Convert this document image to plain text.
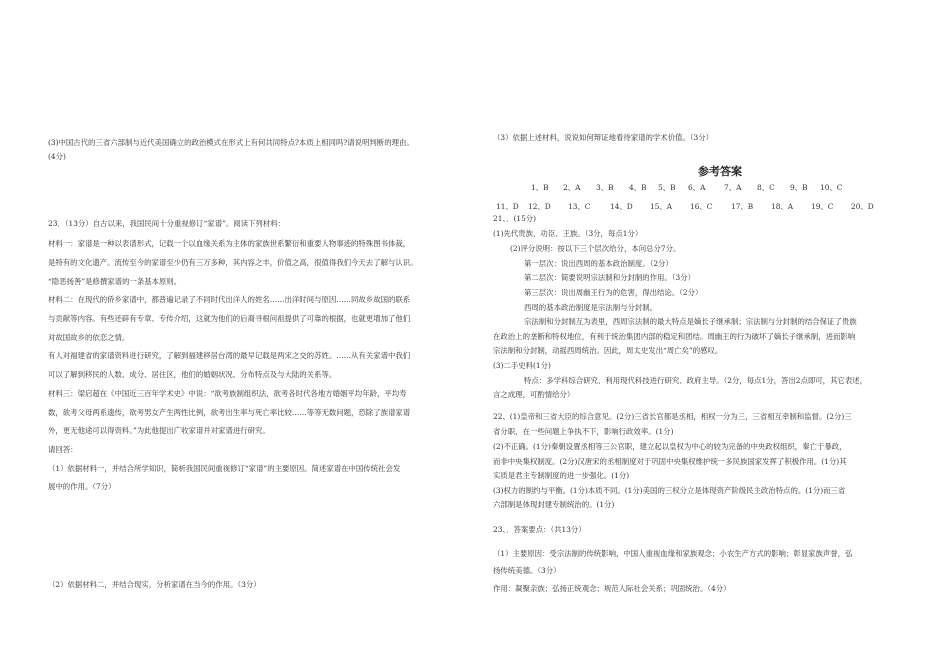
(3)中国古代的三省六部制与近代美国确立的政治模式在形式上有何共同特点?本质上相同吗?请说明判断的理由。
(4分)
23．（13分）自古以来，我国民间十分重视修订“家谱”。阅读下列材料：
材料一：家谱是一种以表谱形式，记载一个以血缘关系为主体的家族世系繁衍和重要人物事迹的特殊图书体裁，
是特有的文化遗产。流传至今的家谱至少仍有三万多种，其内容之丰，价值之高，很值得我们今天去了解与认识。
“隐恶扬善”是修撰家谱的一条基本原则。
材料二：在现代的侨乡家谱中，都普遍记录了不同时代出洋人的姓名……出洋时间与原因……同故乡故国的联系
与贡献等内容。有些还辟有专章、专传介绍，这就为他们的后裔寻根问祖提供了可靠的根据，也就更增加了他们
对故国故乡的依恋之情。
有人对福建省的家谱资料进行研究，了解到福建移居台湾的最早记载是两宋之交的苏姓。……从有关家谱中我们
可以了解到移民的人数、成分、居住区，他们的婚姻状况、分布特点及与大陆的关系等。
材料三：梁启超在《中国近三百年学术史》中说：“欲考族制组织法，欲考各时代各地方婚姻平均年龄，平均寿
数，欲考父母两系遗传，欲考男女产生两性比例，欲考出生率与死亡率比较……等等无数问题，恐除了族谱家谱
外，更无他途可以得资料。”为此他提出广收家谱并对家谱进行研究。
请回答：
（1）依据材料一，并结合所学知识，简析我国民间重视修订“家谱”的主要原因。简述家谱在中国传统社会发
展中的作用。（7分）
（2）依据材料二，并结合现实，分析家谱在当今的作用。（3分）
（3）依据上述材料，说说如何辩证地看待家谱的学术价值。（3分）
参考答案
1、B 2、A 3、B 4、B 5、B 6、A	7、A 8、C 9、B 10、C
11、D 12、D 13、C	14、D 15、A 16、C	17、B 18、A 19、C 20、D
21、．(15分)
(1)先代贵族、功臣、王族。（3分，每点1分）
(2)评分说明：按以下三个层次给分，本问总分7分。
第一层次：说出西周的基本政治制度。（2分）
第二层次：简要说明宗法制和分封制的作用。（3分）
第三层次：说出周幽王行为的危害，得出结论。（2分）
西周的基本政治制度是宗法制与分封制。
宗法制和分封制互为表里，西周宗法制的最大特点是嫡长子继承制；宗法制与分封制的结合保证了贵族
在政治上的垄断和特权地位，有利于统治集团内部的稳定和团结。周幽王的行为破坏了嫡长子继承制，进而影响
宗法制和分封制，动摇西周统治。因此，周太史发出“周亡矣”的感叹。
(3)二手史料(1分)
特点：多学科综合研究、利用现代科技进行研究、政府主导。（2分，每点1分，答出2点即可，其它表述，
言之成理，可酌情给分）
22、(1)皇帝和三省大臣的综合意见。(2分)三省长官都是丞相，相权一分为三，三省相互牵制和监督。(2分)三
省分职，在一些问题上争执不下，影响行政效率。(1分)
(2)不正确。(1分)秦朝设置丞相等三公官职，建立起以皇权为中心的较为完备的中央政权组织，秦亡于暴政，
而非中央集权制度。(2分)汉唐宋的丞相制度对于巩固中央集权维护统一多民族国家发挥了积极作用。(1分)其
实质是君主专制制度的进一步强化。(1分)
(3)权力的制约与平衡。(1分)本质不同。(1分)美国的三权分立是体现资产阶级民主政治特点的。(1分)而三省
六部制是体现封建专制统治的。(1分)
23、．答案要点：（共13分）
（1）主要原因：受宗法制的传统影响，中国人重视血缘和家族观念；小农生产方式的影响；彰显家族声誉，弘
扬传统美德。（3分）
作用：凝聚亲族；弘扬正统观念；规范人际社会关系；巩固统治。（4分）
